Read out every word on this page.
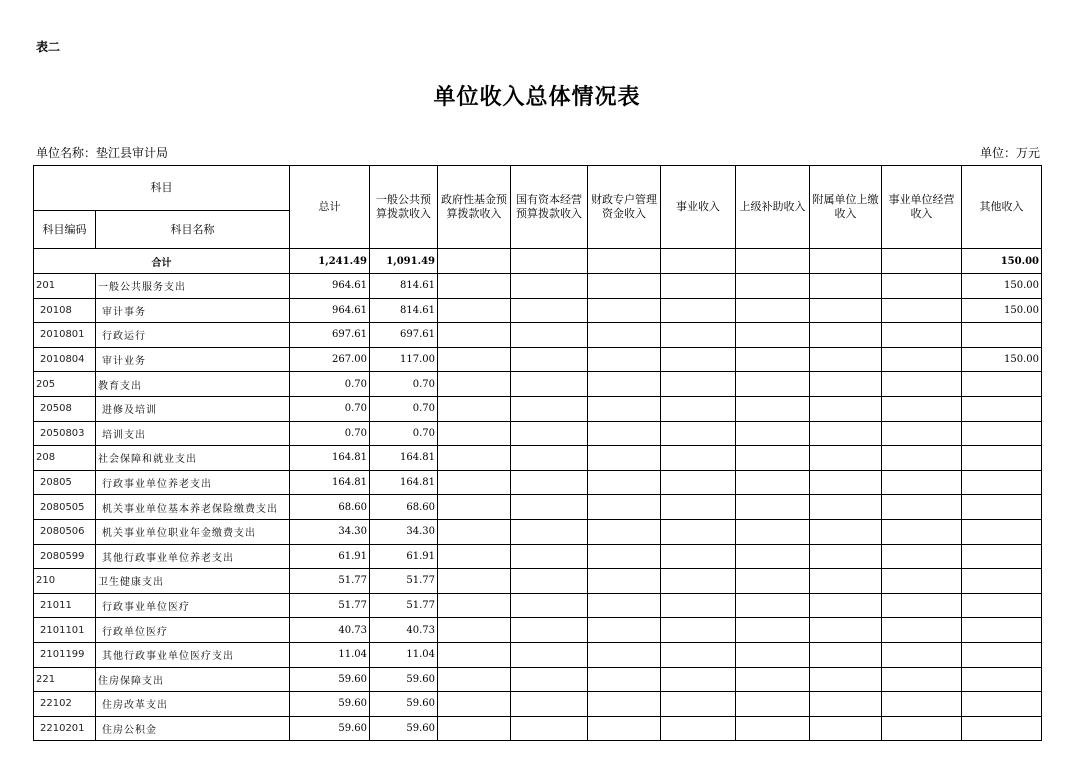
表二
单位收入总体情况表
单位名称：垫江县审计局	单位：万元
科目		总计	一般公共预算拨款收入	政府性基金预算拨款收入	国有资本经营预算拨款收入	财政专户管理资金收入	事业收入	上级补助收入	附属单位上缴收入	事业单位经营收入	其他收入
科目编码	科目名称										
合计		1,241.49	1,091.49								150.00
201	一般公共服务支出	964.61	814.61								150.00
20108	审计事务	964.61	814.61								150.00
2010801	行政运行	697.61	697.61								
2010804	审计业务	267.00	117.00								150.00
205	教育支出	0.70	0.70								
20508	进修及培训	0.70	0.70								
2050803	培训支出	0.70	0.70								
208	社会保障和就业支出	164.81	164.81								
20805	行政事业单位养老支出	164.81	164.81								
2080505	机关事业单位基本养老保险缴费支出	68.60	68.60								
2080506	机关事业单位职业年金缴费支出	34.30	34.30								
2080599	其他行政事业单位养老支出	61.91	61.91								
210	卫生健康支出	51.77	51.77								
21011	行政事业单位医疗	51.77	51.77								
2101101	行政单位医疗	40.73	40.73								
2101199	其他行政事业单位医疗支出	11.04	11.04								
221	住房保障支出	59.60	59.60								
22102	住房改革支出	59.60	59.60								
2210201	住房公积金	59.60	59.60								
